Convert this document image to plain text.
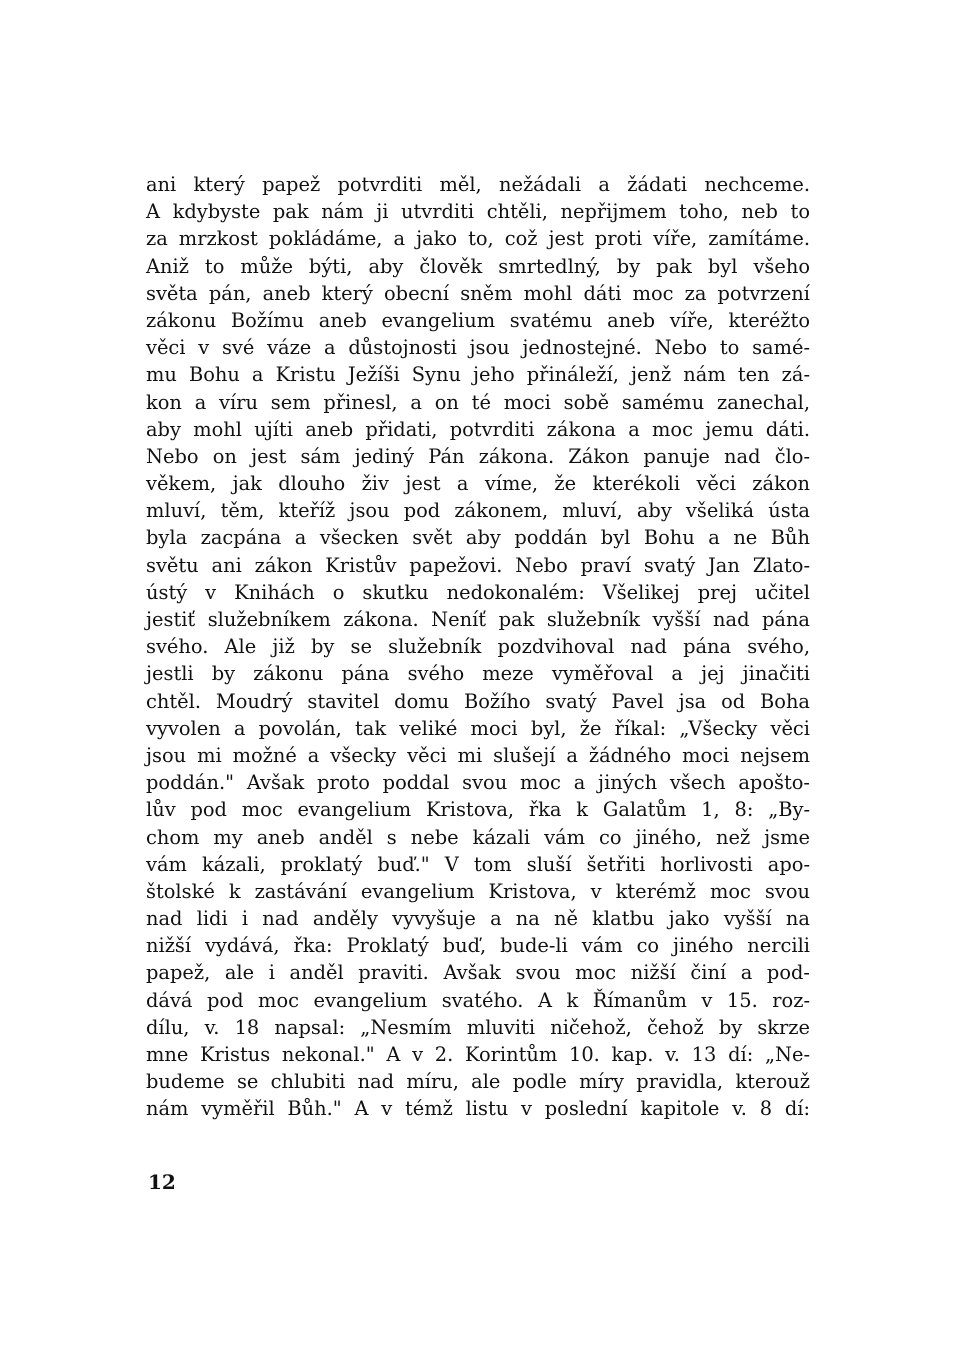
ani který papež potvrditi měl, nežádali a žádati nechceme.
A kdybyste pak nám ji utvrditi chtěli, nepřijmem toho, neb to
za mrzkost pokládáme, a jako to, což jest proti víře, zamítáme.
Aniž to může býti, aby člověk smrtedlný, by pak byl všeho
světa pán, aneb který obecní sněm mohl dáti moc za potvrzení
zákonu Božímu aneb evangelium svatému aneb víře, kteréžto
věci v své váze a důstojnosti jsou jednostejné. Nebo to samé-
mu Bohu a Kristu Ježíši Synu jeho přináleží, jenž nám ten zá-
kon a víru sem přinesl, a on té moci sobě samému zanechal,
aby mohl ujíti aneb přidati, potvrditi zákona a moc jemu dáti.
Nebo on jest sám jediný Pán zákona. Zákon panuje nad člo-
věkem, jak dlouho živ jest a víme, že kterékoli věci zákon
mluví, těm, kteříž jsou pod zákonem, mluví, aby všeliká ústa
byla zacpána a všecken svět aby poddán byl Bohu a ne Bůh
světu ani zákon Kristův papežovi. Nebo praví svatý Jan Zlato-
ústý v Knihách o skutku nedokonalém: Všelikej prej učitel
jestiť služebníkem zákona. Neníť pak služebník vyšší nad pána
svého. Ale již by se služebník pozdvihoval nad pána svého,
jestli by zákonu pána svého meze vyměřoval a jej jinačiti
chtěl. Moudrý stavitel domu Božího svatý Pavel jsa od Boha
vyvolen a povolán, tak veliké moci byl, že říkal: „Všecky věci
jsou mi možné a všecky věci mi slušejí a žádného moci nejsem
poddán." Avšak proto poddal svou moc a jiných všech apošto-
lův pod moc evangelium Kristova, řka k Galatům 1, 8: „By-
chom my aneb anděl s nebe kázali vám co jiného, než jsme
vám kázali, proklatý buď." V tom sluší šetřiti horlivosti apo-
štolské k zastávání evangelium Kristova, v kterémž moc svou
nad lidi i nad anděly vyvyšuje a na ně klatbu jako vyšší na
nižší vydává, řka: Proklatý buď, bude-li vám co jiného nercili
papež, ale i anděl praviti. Avšak svou moc nižší činí a pod-
dává pod moc evangelium svatého. A k Římanům v 15. roz-
dílu, v. 18 napsal: „Nesmím mluviti ničehož, čehož by skrze
mne Kristus nekonal." A v 2. Korintům 10. kap. v. 13 dí: „Ne-
budeme se chlubiti nad míru, ale podle míry pravidla, kterouž
nám vyměřil Bůh." A v témž listu v poslední kapitole v. 8 dí:
12
